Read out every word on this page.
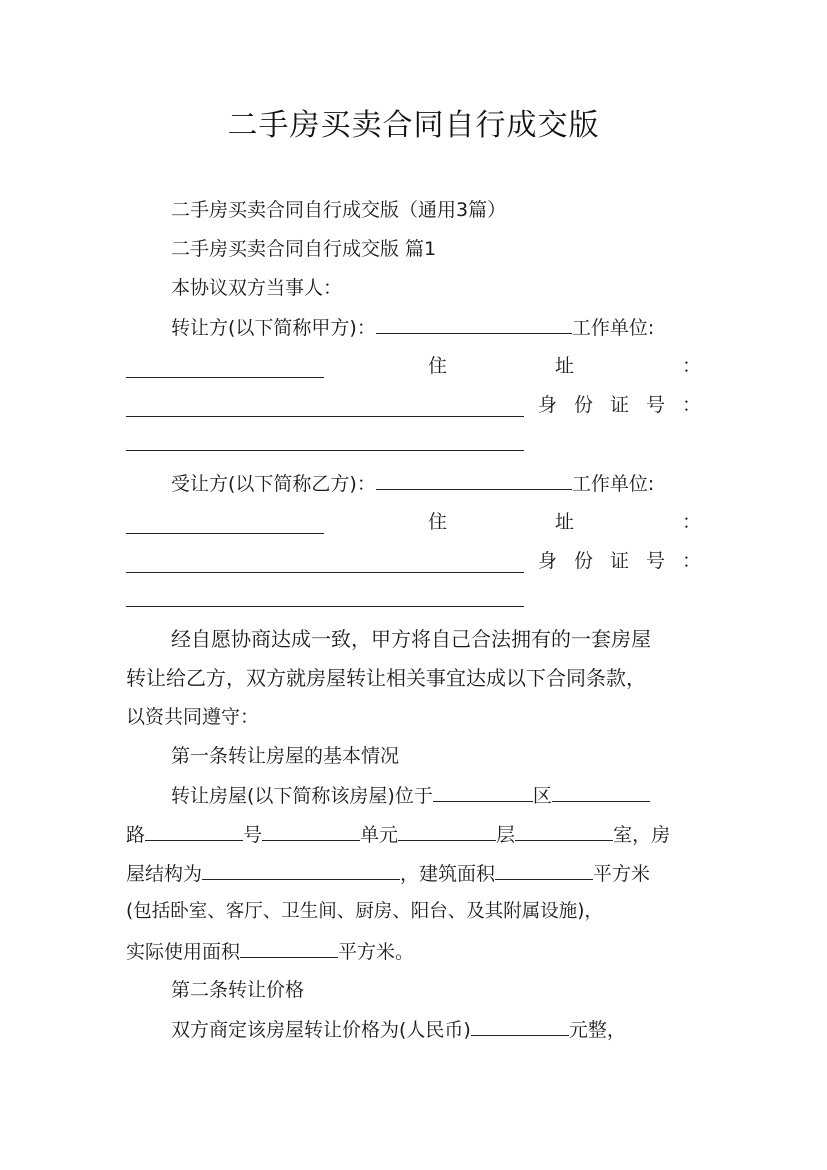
二手房买卖合同自行成交版
二手房买卖合同自行成交版（通用3篇）
二手房买卖合同自行成交版 篇1
本协议双方当事人：
转让方(以下简称甲方)：	工作单位:
住	址	：
身 份 证 号 ：
受让方(以下简称乙方)：	工作单位:
住	址	：
身 份 证 号 ：
经自愿协商达成一致，甲方将自己合法拥有的一套房屋
转让给乙方，双方就房屋转让相关事宜达成以下合同条款，
以资共同遵守：
第一条转让房屋的基本情况
转让房屋(以下简称该房屋)位于	区
路	号	单元	层	室，房
屋结构为	，建筑面积	平方米
(包括卧室、客厅、卫生间、厨房、阳台、及其附属设施)，
实际使用面积	平方米。
第二条转让价格
双方商定该房屋转让价格为(人民币)	元整，
